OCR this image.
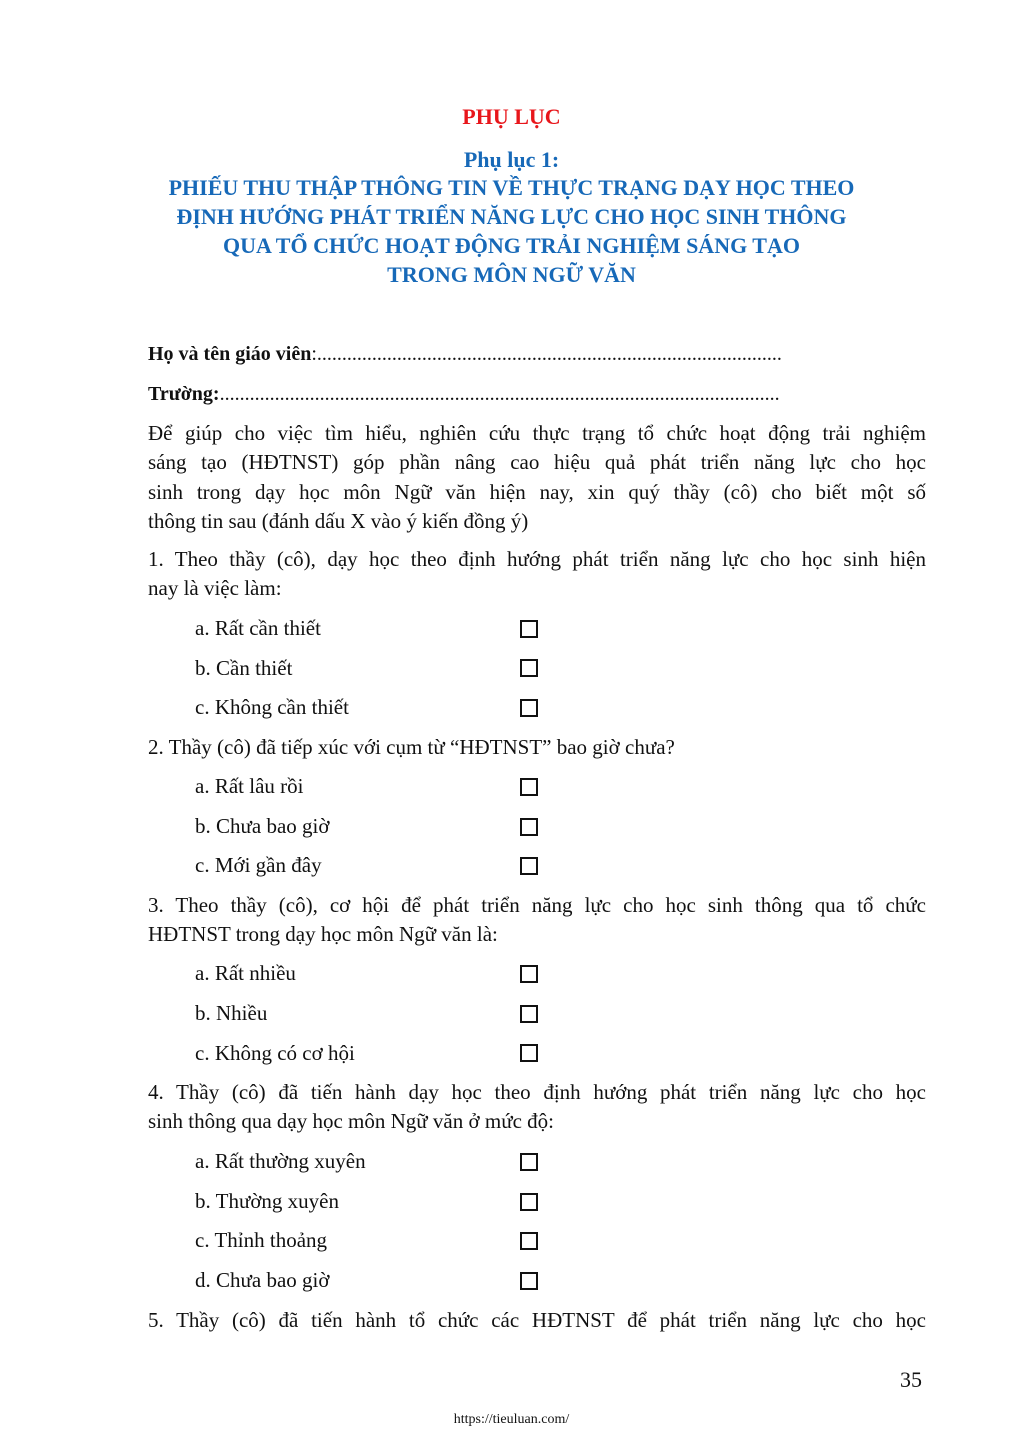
PHỤ LỤC
Phụ lục 1:
PHIẾU THU THẬP THÔNG TIN VỀ THỰC TRẠNG DẠY HỌC THEO
ĐỊNH HƯỚNG PHÁT TRIỂN NĂNG LỰC CHO HỌC SINH THÔNG
QUA TỔ CHỨC HOẠT ĐỘNG TRẢI NGHIỆM SÁNG TẠO
TRONG MÔN NGỮ VĂN
Họ và tên giáo viên:.............................................................................................
Trường:................................................................................................................
Để giúp cho việc tìm hiểu, nghiên cứu thực trạng tổ chức hoạt động trải nghiệm
sáng tạo (HĐTNST) góp phần nâng cao hiệu quả phát triển năng lực cho học
sinh trong dạy học môn Ngữ văn hiện nay, xin quý thầy (cô) cho biết một số
thông tin sau (đánh dấu X vào ý kiến đồng ý)
1. Theo thầy (cô), dạy học theo định hướng phát triển năng lực cho học sinh hiện
nay là việc làm:
a. Rất cần thiết
b. Cần thiết
c. Không cần thiết
2. Thầy (cô) đã tiếp xúc với cụm từ “HĐTNST” bao giờ chưa?
a. Rất lâu rồi
b. Chưa bao giờ
c. Mới gần đây
3. Theo thầy (cô), cơ hội để phát triển năng lực cho học sinh thông qua tổ chức
HĐTNST trong dạy học môn Ngữ văn là:
a. Rất nhiều
b. Nhiều
c. Không có cơ hội
4. Thầy (cô) đã tiến hành dạy học theo định hướng phát triển năng lực cho học
sinh thông qua dạy học môn Ngữ văn ở mức độ:
a. Rất thường xuyên
b. Thường xuyên
c. Thỉnh thoảng
d. Chưa bao giờ
5. Thầy (cô) đã tiến hành tổ chức các HĐTNST để phát triển năng lực cho học
35
https://tieuluan.com/
